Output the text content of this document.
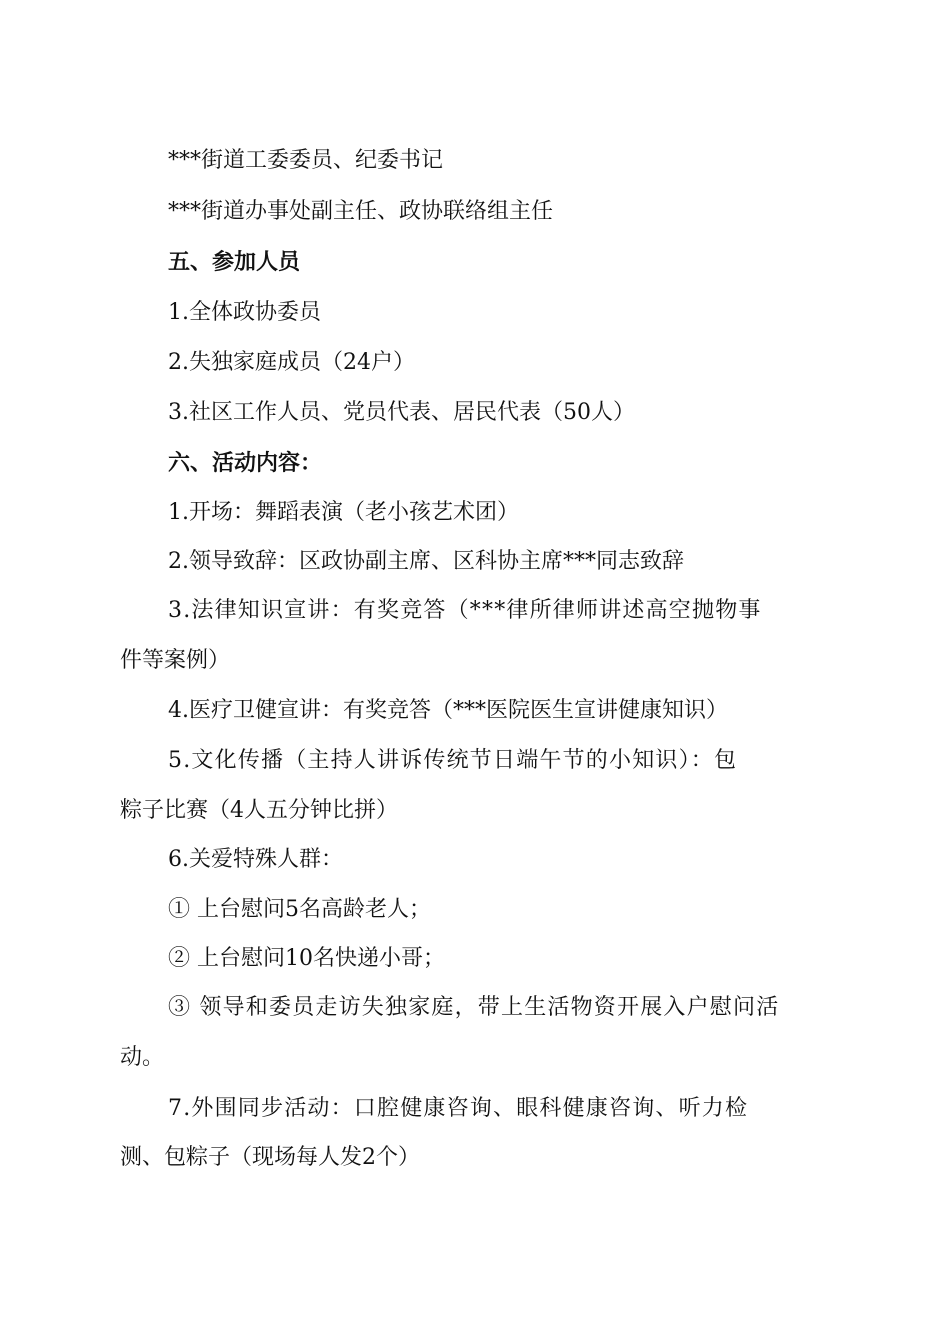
***街道工委委员、纪委书记
***街道办事处副主任、政协联络组主任
五、参加人员
1.全体政协委员
2.失独家庭成员（24户）
3.社区工作人员、党员代表、居民代表（50人）
六、活动内容：
1.开场：舞蹈表演（老小孩艺术团）
2.领导致辞：区政协副主席、区科协主席***同志致辞
3.法律知识宣讲：有奖竞答（***律所律师讲述高空抛物事
件等案例）
4.医疗卫健宣讲：有奖竞答（***医院医生宣讲健康知识）
5.文化传播（主持人讲诉传统节日端午节的小知识）：包
粽子比赛（4人五分钟比拼）
6.关爱特殊人群：
① 上台慰问5名高龄老人；
② 上台慰问10名快递小哥；
③ 领导和委员走访失独家庭，带上生活物资开展入户慰问活
动。
7.外围同步活动：口腔健康咨询、眼科健康咨询、听力检
测、包粽子（现场每人发2个）
